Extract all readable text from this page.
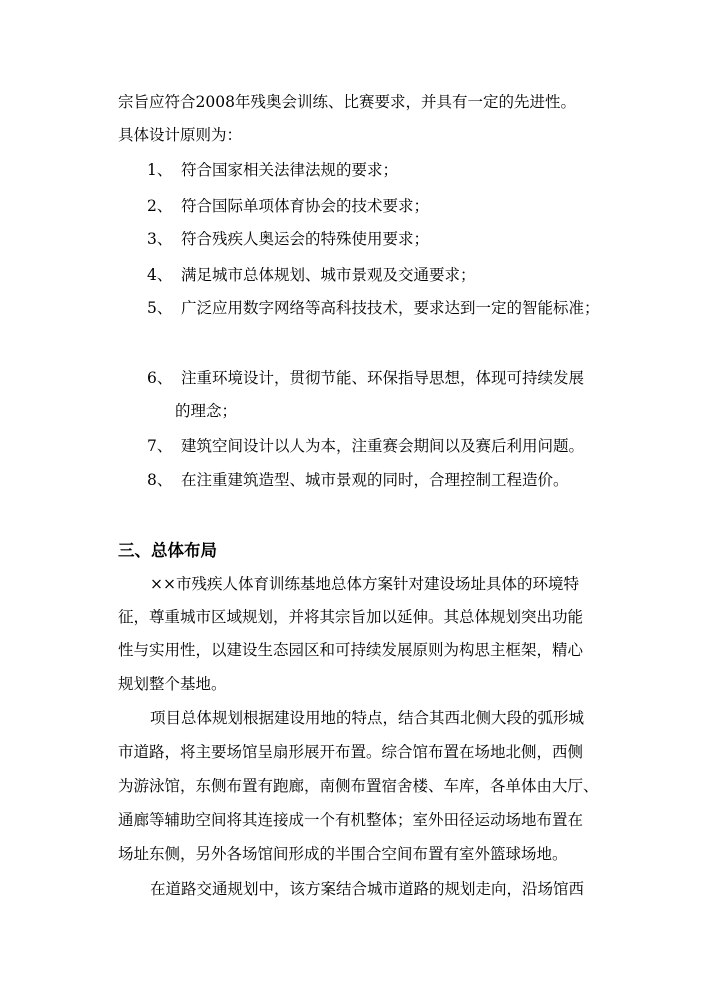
宗旨应符合2008年残奥会训练、比赛要求，并具有一定的先进性。
具体设计原则为：
1、 符合国家相关法律法规的要求；
2、 符合国际单项体育协会的技术要求；
3、 符合残疾人奥运会的特殊使用要求；
4、 满足城市总体规划、城市景观及交通要求；
5、 广泛应用数字网络等高科技技术，要求达到一定的智能标准；
6、 注重环境设计，贯彻节能、环保指导思想，体现可持续发展
的理念；
7、 建筑空间设计以人为本，注重赛会期间以及赛后利用问题。
8、 在注重建筑造型、城市景观的同时，合理控制工程造价。
三、总体布局
××市残疾人体育训练基地总体方案针对建设场址具体的环境特
征，尊重城市区域规划，并将其宗旨加以延伸。其总体规划突出功能
性与实用性，以建设生态园区和可持续发展原则为构思主框架，精心
规划整个基地。
项目总体规划根据建设用地的特点，结合其西北侧大段的弧形城
市道路，将主要场馆呈扇形展开布置。综合馆布置在场地北侧，西侧
为游泳馆，东侧布置有跑廊，南侧布置宿舍楼、车库，各单体由大厅、
通廊等辅助空间将其连接成一个有机整体；室外田径运动场地布置在
场址东侧，另外各场馆间形成的半围合空间布置有室外篮球场地。
在道路交通规划中，该方案结合城市道路的规划走向，沿场馆西
